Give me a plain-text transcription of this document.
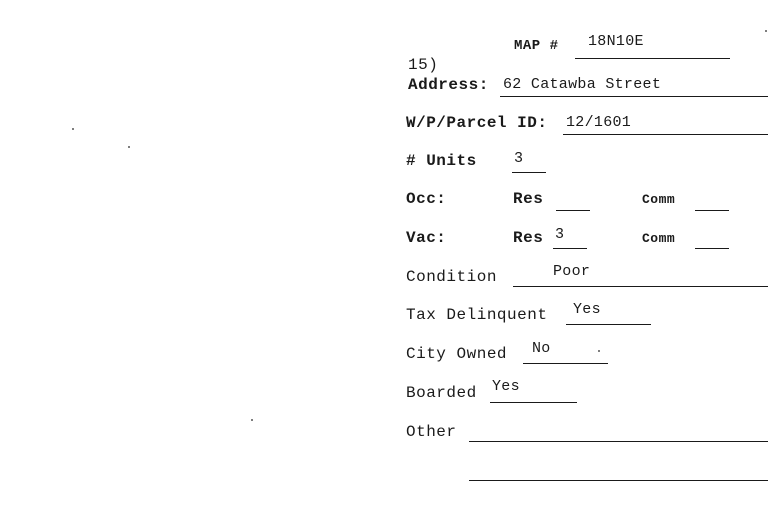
MAP # 18N10E
15)
Address: 62 Catawba Street
W/P/Parcel ID: 12/1601
# Units 3
Occ:	Res	Comm
Vac:	Res 3	Comm
Condition	Poor
Tax Delinquent Yes
City Owned No
Boarded Yes
Other
